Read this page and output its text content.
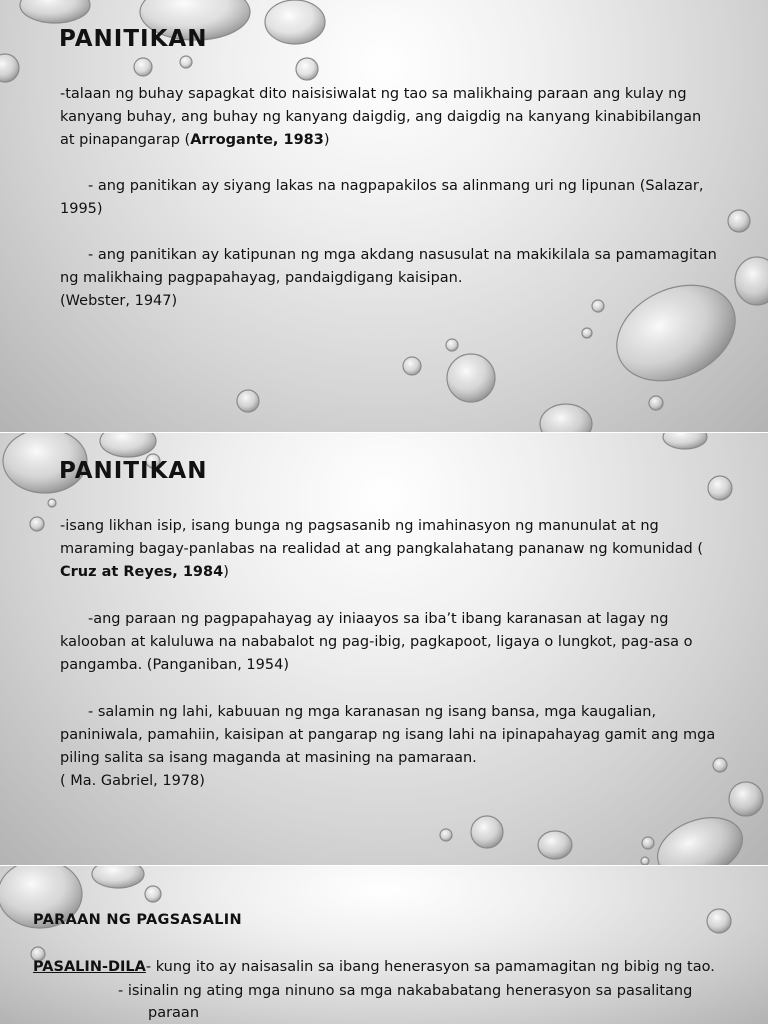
PANITIKAN

-talaan ng buhay sapagkat dito naisisiwalat ng tao sa malikhaing paraan ang kulay ng kanyang buhay, ang buhay ng kanyang daigdig, ang daigdig na kanyang kinabibilangan at pinapangarap (Arrogante, 1983)

- ang panitikan ay siyang lakas na nagpapakilos sa alinmang uri ng lipunan (Salazar, 1995)

- ang panitikan ay katipunan ng mga akdang nasusulat na makikilala sa pamamagitan ng malikhaing pagpapahayag, pandaigdigang kaisipan.
(Webster, 1947)

PANITIKAN

-isang likhan isip, isang bunga ng pagsasanib ng imahinasyon ng manunulat at ng maraming bagay-panlabas na realidad at ang pangkalahatang pananaw ng komunidad ( Cruz at Reyes, 1984)

-ang paraan ng pagpapahayag ay iniaayos sa iba’t ibang karanasan at lagay ng kalooban at kaluluwa na nababalot ng pag-ibig, pagkapoot, ligaya o lungkot, pag-asa o pangamba. (Panganiban, 1954)

- salamin ng lahi, kabuuan ng mga karanasan ng isang bansa, mga kaugalian, paniniwala, pamahiin, kaisipan at pangarap ng isang lahi na ipinapahayag gamit ang mga piling salita sa isang maganda at masining na pamaraan.
( Ma. Gabriel, 1978)

PARAAN NG PAGSASALIN

PASALIN-DILA- kung ito ay naisasalin sa ibang henerasyon sa pamamagitan ng bibig ng tao.

- isinalin ng ating mga ninuno sa mga nakababatang henerasyon sa pasalitang

paraan
